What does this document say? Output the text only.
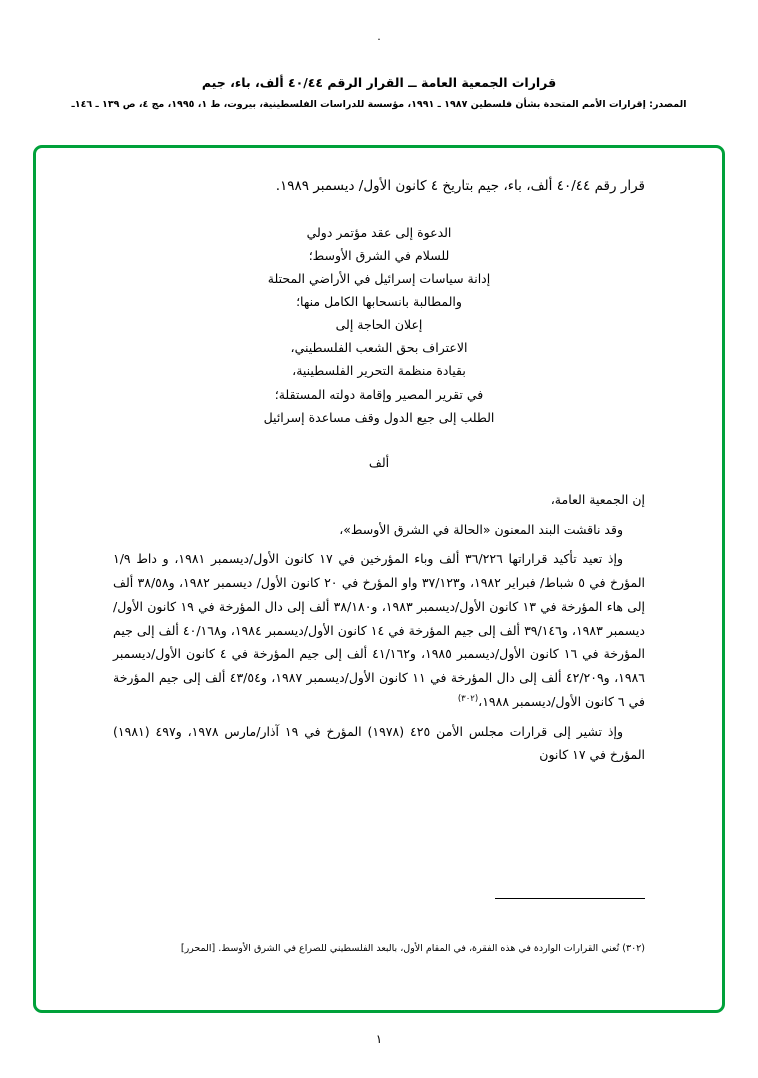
·
قرارات الجمعية العامة ــ القرار الرقم ٤٠/٤٤ ألف، باء، جيم
المصدر: إقرارات الأمم المتحدة بشأن فلسطين ١٩٨٧ ـ ١٩٩١، مؤسسة للدراسات الفلسطينية، بيروت، ط ١، ١٩٩٥، مج ٤، ص ١٣٩ ـ ١٤٦ـ
قرار رقم ٤٠/٤٤ ألف، باء، جيم بتاريخ ٤ كانون الأول/ ديسمبر ١٩٨٩.
الدعوة إلى عقد مؤتمر دولي
للسلام في الشرق الأوسط؛
إدانة سياسات إسرائيل في الأراضي المحتلة
والمطالبة بانسحابها الكامل منها؛
إعلان الحاجة إلى
الاعتراف بحق الشعب الفلسطيني،
بقيادة منظمة التحرير الفلسطينية،
في تقرير المصير وإقامة دولته المستقلة؛
الطلب إلى جيع الدول وقف مساعدة إسرائيل
ألف
إن الجمعية العامة،
وقد ناقشت البند المعنون «الحالة في الشرق الأوسط»،
وإذ تعيد تأكيد قراراتها ٣٦/٢٢٦ ألف وباء المؤرخين في ١٧ كانون الأول/ديسمبر ١٩٨١، و داط ١/٩ المؤرخ في ٥ شباط/ فبراير ١٩٨٢، و٣٧/١٢٣ واو المؤرخ في ٢٠ كانون الأول/ ديسمبر ١٩٨٢، و٣٨/٥٨ ألف إلى هاء المؤرخة في ١٣ كانون الأول/ديسمبر ١٩٨٣، و٣٨/١٨٠ ألف إلى دال المؤرخة في ١٩ كانون الأول/ديسمبر ١٩٨٣، و٣٩/١٤٦ ألف إلى جيم المؤرخة في ١٤ كانون الأول/ديسمبر ١٩٨٤، و٤٠/١٦٨ ألف إلى جيم المؤرخة في ١٦ كانون الأول/ديسمبر ١٩٨٥، و٤١/١٦٢ ألف إلى جيم المؤرخة في ٤ كانون الأول/ديسمبر ١٩٨٦، و٤٢/٢٠٩ ألف إلى دال المؤرخة في ١١ كانون الأول/ديسمبر ١٩٨٧، و٤٣/٥٤ ألف إلى جيم المؤرخة في ٦ كانون الأول/ديسمبر ١٩٨٨،$^{(٣٠٢)}$
وإذ تشير إلى قرارات مجلس الأمن ٤٢٥ (١٩٧٨) المؤرخ في ١٩ آذار/مارس ١٩٧٨، و٤٩٧ (١٩٨١) المؤرخ في ١٧ كانون
(٣٠٢) تُعني القرارات الواردة في هذه الفقرة، في المقام الأول، بالبعد الفلسطيني للصراع في الشرق الأوسط. [المحرر]
١
